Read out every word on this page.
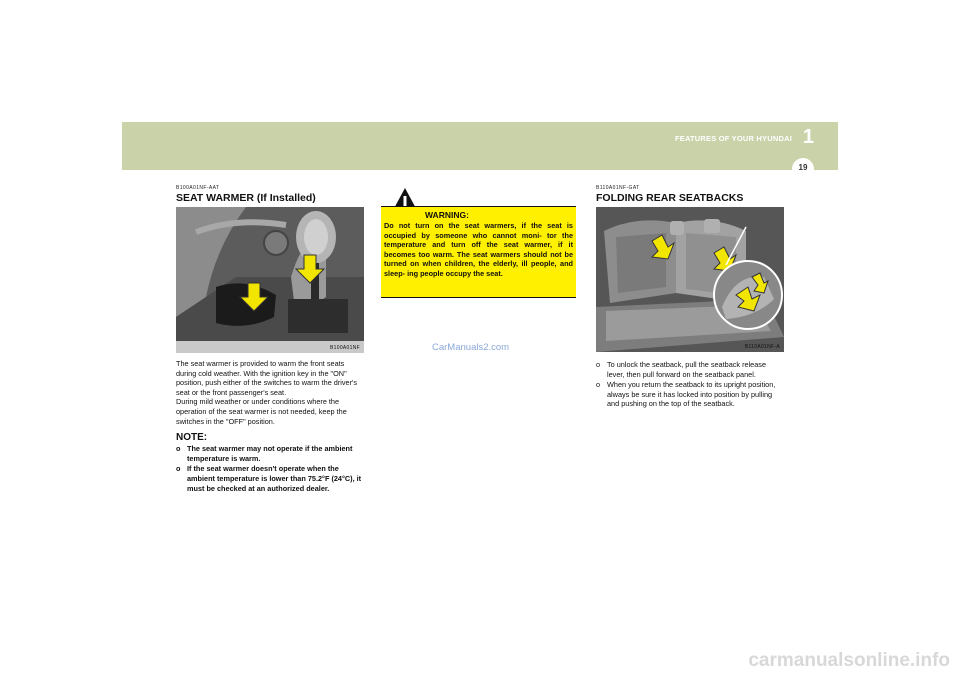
FEATURES OF YOUR HYUNDAI 1
19
B100A01NF-AAT
SEAT WARMER (If Installed)
B100A01NF

The seat warmer is provided to warm the front seats during cold weather. With the ignition key in the "ON" position, push either of the switches to warm the driver's seat or the front passenger's seat.
During mild weather or under conditions where the operation of the seat warmer is not needed, keep the switches in the "OFF" position.

NOTE:
o The seat warmer may not operate if the ambient temperature is warm.
o If the seat warmer doesn't operate when the ambient temperature is lower than 75.2°F (24°C), it must be checked at an authorized dealer.
WARNING:
Do not turn on the seat warmers, if the seat is occupied by someone who cannot moni- tor the temperature and turn off the seat warmer, if it becomes too warm. The seat warmers should not be turned on when children, the elderly, ill people, and sleep- ing people occupy the seat.
CarManuals2.com
B110A01NF-GAT
FOLDING REAR SEATBACKS
B110A01NF-A
o To unlock the seatback, pull the seatback release lever, then pull forward on the seatback panel.
o When you return the seatback to its upright position, always be sure it has locked into position by pulling and pushing on the top of the seatback.
carmanualsonline.info
